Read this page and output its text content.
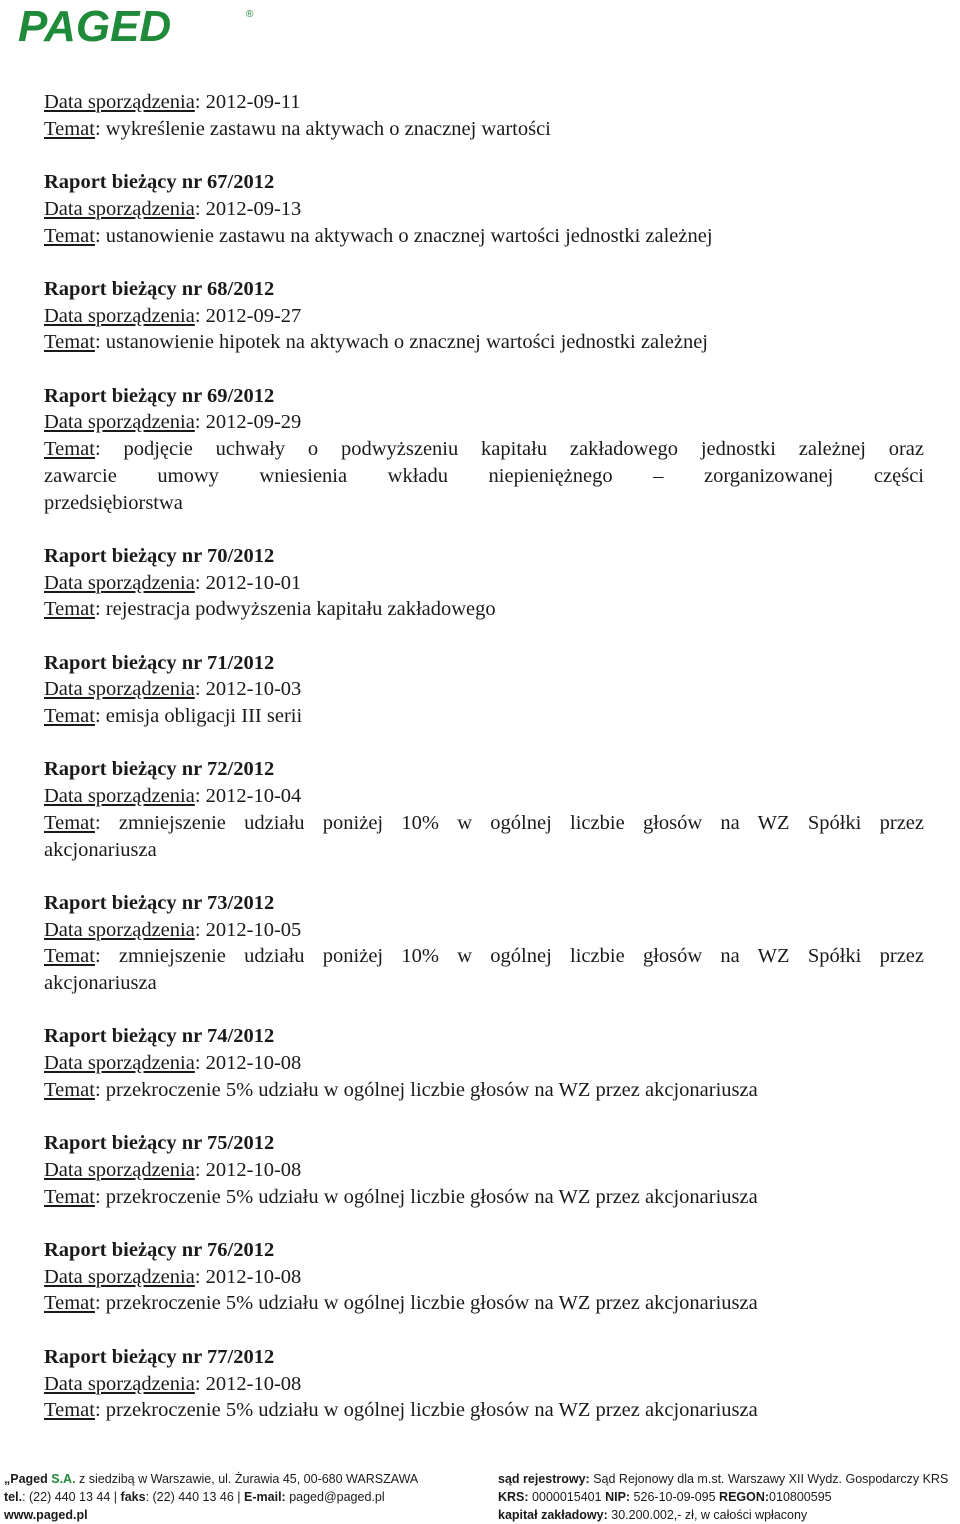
PAGED	®
Data sporządzenia: 2012-09-11
Temat: wykreślenie zastawu na aktywach o znacznej wartości
Raport bieżący nr 67/2012
Data sporządzenia: 2012-09-13
Temat: ustanowienie zastawu na aktywach o znacznej wartości jednostki zależnej
Raport bieżący nr 68/2012
Data sporządzenia: 2012-09-27
Temat: ustanowienie hipotek na aktywach o znacznej wartości jednostki zależnej
Raport bieżący nr 69/2012
Data sporządzenia: 2012-09-29
Temat: podjęcie uchwały o podwyższeniu kapitału zakładowego jednostki zależnej oraz
zawarcie umowy wniesienia wkładu niepieniężnego – zorganizowanej części
przedsiębiorstwa
Raport bieżący nr 70/2012
Data sporządzenia: 2012-10-01
Temat: rejestracja podwyższenia kapitału zakładowego
Raport bieżący nr 71/2012
Data sporządzenia: 2012-10-03
Temat: emisja obligacji III serii
Raport bieżący nr 72/2012
Data sporządzenia: 2012-10-04
Temat: zmniejszenie udziału poniżej 10% w ogólnej liczbie głosów na WZ Spółki przez
akcjonariusza
Raport bieżący nr 73/2012
Data sporządzenia: 2012-10-05
Temat: zmniejszenie udziału poniżej 10% w ogólnej liczbie głosów na WZ Spółki przez
akcjonariusza
Raport bieżący nr 74/2012
Data sporządzenia: 2012-10-08
Temat: przekroczenie 5% udziału w ogólnej liczbie głosów na WZ przez akcjonariusza
Raport bieżący nr 75/2012
Data sporządzenia: 2012-10-08
Temat: przekroczenie 5% udziału w ogólnej liczbie głosów na WZ przez akcjonariusza
Raport bieżący nr 76/2012
Data sporządzenia: 2012-10-08
Temat: przekroczenie 5% udziału w ogólnej liczbie głosów na WZ przez akcjonariusza
Raport bieżący nr 77/2012
Data sporządzenia: 2012-10-08
Temat: przekroczenie 5% udziału w ogólnej liczbie głosów na WZ przez akcjonariusza
„Paged S.A. z siedzibą w Warszawie, ul. Żurawia 45, 00-680 WARSZAWA
tel.: (22) 440 13 44 | faks: (22) 440 13 46 | E-mail: paged@paged.pl
www.paged.pl
sąd rejestrowy: Sąd Rejonowy dla m.st. Warszawy XII Wydz. Gospodarczy KRS
KRS: 0000015401 NIP: 526-10-09-095 REGON:010800595
kapitał zakładowy: 30.200.002,- zł, w całości wpłacony
